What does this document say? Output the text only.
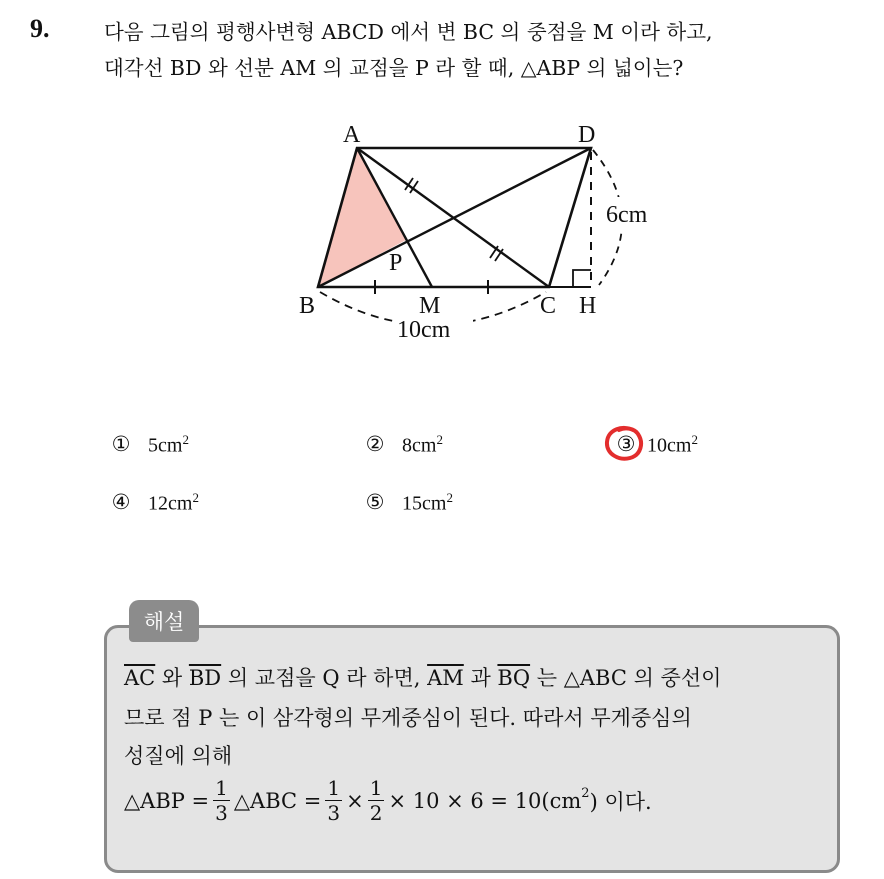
9.	다음 그림의 평행사변형 ABCD 에서 변 BC 의 중점을 M 이라 하고,
대각선 BD 와 선분 AM 의 교점을 P 라 할 때, △ABP 의 넓이는?
A	D
B	M	C H
P
6cm
10cm
① $5cm^2$	② $8cm^2$	③ $10cm^2$
④ $12cm^2$	⑤ $15cm^2$
해설
$\overline{AC}$ 와 $\overline{BD}$ 의 교점을 Q 라 하면, $\overline{AM}$ 과 $\overline{BQ}$ 는 △ABC 의 중선이
므로 점 P 는 이 삼각형의 무게중심이 된다. 따라서 무게중심의
성질에 의해
△ABP = $\frac{1}{3}$ △ABC = $\frac{1}{3} \times \frac{1}{2} \times 10 \times 6 = 10(cm^2$ ) 이다.
